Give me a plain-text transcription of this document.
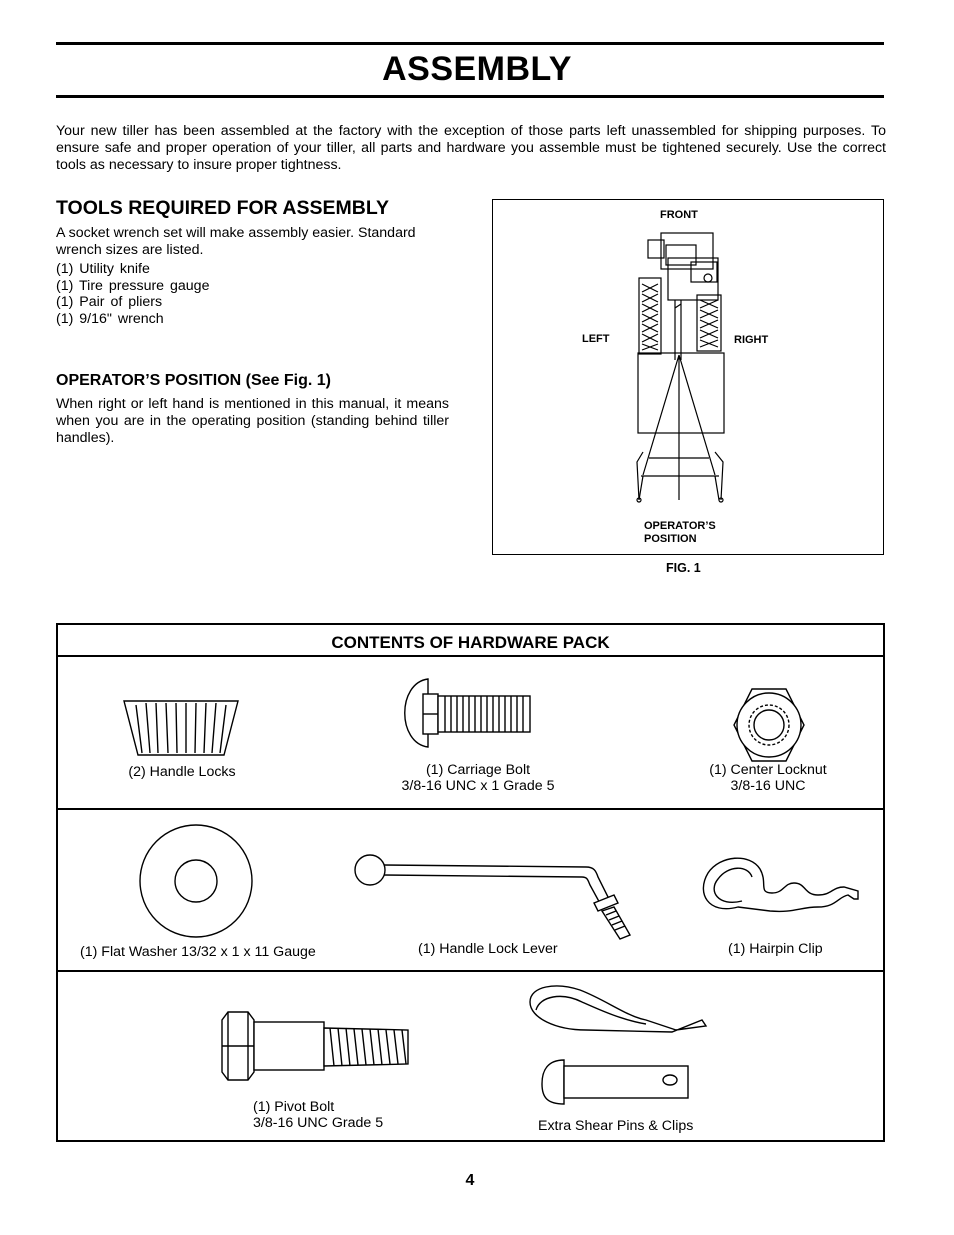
ASSEMBLY
Your new tiller has been assembled at the factory with the exception of those parts left unassembled for shipping purposes. To ensure safe and proper operation of your tiller, all parts and hardware you assemble must be tightened securely. Use the correct tools as necessary to insure proper tightness.
TOOLS REQUIRED FOR ASSEMBLY
A socket wrench set will make assembly easier. Standard wrench sizes are listed.
(1) Utility knife
(1) Tire pressure gauge
(1) Pair of pliers
(1) 9/16" wrench
OPERATOR’S POSITION (See Fig. 1)
When right or left hand is mentioned in this manual, it means when you are in the operating position (standing behind tiller handles).
FRONT
LEFT	RIGHT
OPERATOR’S
POSITION
FIG. 1
CONTENTS OF HARDWARE PACK
(2) Handle Locks	(1) Carriage Bolt
3/8-16 UNC x 1 Grade 5
(1) Center Locknut
3/8-16 UNC
(1) Flat Washer 13/32 x 1 x 11 Gauge	(1) Handle Lock Lever	(1) Hairpin Clip
(1) Pivot Bolt
3/8-16 UNC Grade 5	Extra Shear Pins & Clips
4
